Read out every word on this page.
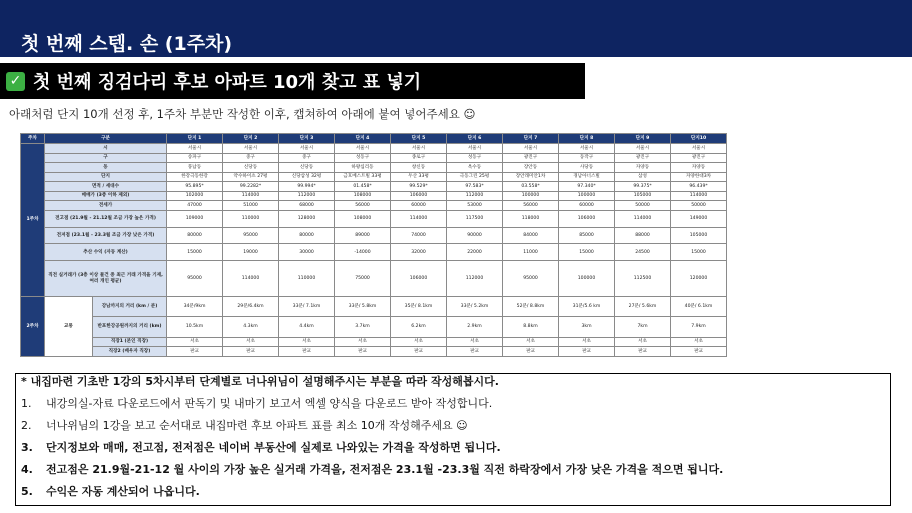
첫 번째 스텝. 손 (1주차)
✓ 첫 번째 징검다리 후보 아파트 10개 찾고 표 넣기
아래처럼 단지 10개 선정 후, 1주차 부분만 작성한 이후, 캡쳐하여 아래에 붙여 넣어주세요 ☺
주차	구분		단지 1	단지 2	단지 3	단지 4	단지 5	단지 6	단지 7	단지 8	단지 9	단지10
1주차	시		서울시	서울시	서울시	서울시	서울시	서울시	서울시	서울시	서울시	서울시
	구		송파구	중구	중구	성동구	종로구	성동구	광진구	동작구	광진구	광진구
	동		풍납동	신당동	신당동	하왕십리동	창신동	옥수동	장안동	사당동	자양동	자양동
	단지		한강극동한강	약수하이츠 27평	신당삼성 32평	금호베스트빌 33평	두산 33평	극동그린 25평	장안래미안1차	경남아너스빌	삼성	자양한대3차
	면적 / 세대수		95.895*	99.2282*	99.994*	01.458*	99.529*	97.583*	03.558*	97.340*	99.375*	96.439*
	매매가 (3층 이하 제외)		102000	114000	112000	108000	106000	112000	100000	100000	105000	114000
	전세가		47000	51000	68000	56000	60000	53000	56000	60000	50000	50000
	전고점 (21.9월 - 21.12월 조금 가장 높은 가격)		109000	110000	128000	108000	114000	117500	118000	106000	114000	149000
	전저점 (23.1월 - 23.3월 조금 가장 낮은 가격)		80000	95000	80000	89000	74000	90000	84000	85000	88000	105000
	추산 수익 (자동 계산)		15000	19000	30000	-14000	32000	22000	11000	15000	24500	15000
	직전 실거래가 (3층 이상 물건 중 최근 거래 가격을 기재, 여러 개인 평균)		95000	114000	110000	75000	106000	112000	95000	100000	112500	120000
2주차	교통	강남까지의 거리 (km / 분)	34분/9km	29분/6.4km	33분/ 7.1km	33분/ 5.8km	35분/ 8.1km	33분/ 5.2km	52분/ 8.8km	31분/5.6 km	27분/ 5.6km	40분/ 6.1km
		반포한강공원까지의 거리 (km)	10.5km	4.3km	4.4km	3.7km	6.2km	2.9km	8.8km	3km	7km	7.9km
		직장1 (본인 직장)	서초	서초	서초	서초	서초	서초	서초	서초	서초	서초
		직장2 (배우자 직장)	판교	판교	판교	판교	판교	판교	판교	판교	판교	판교
* 내집마련 기초반 1강의 5차시부터 단계별로 너나위님이 설명해주시는 부분을 따라 작성해봅시다.
1.	내강의실-자료 다운로드에서 판독기 및 내마기 보고서 엑셀 양식을 다운로드 받아 작성합니다.
2.	너나위님의 1강을 보고 순서대로 내집마련 후보 아파트 표를 최소 10개 작성해주세요 ☺
3.	단지정보와 매매, 전고점, 전저점은 네이버 부동산에 실제로 나와있는 가격을 작성하면 됩니다.
4.	전고점은 21.9월-21-12 월 사이의 가장 높은 실거래 가격을, 전저점은 23.1월 -23.3월 직전 하락장에서 가장 낮은 가격을 적으면 됩니다.
5.	수익은 자동 계산되어 나옵니다.
